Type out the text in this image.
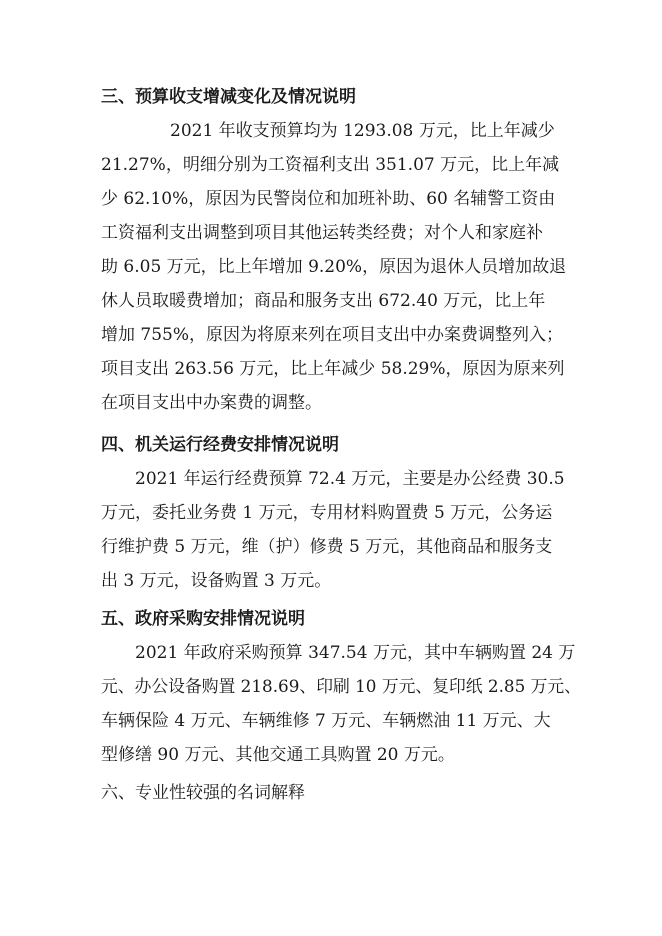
三、预算收支增减变化及情况说明
2021 年收支预算均为 1293.08 万元，比上年减少
21.27%，明细分别为工资福利支出 351.07 万元，比上年减
少 62.10%，原因为民警岗位和加班补助、60 名辅警工资由
工资福利支出调整到项目其他运转类经费；对个人和家庭补
助 6.05 万元，比上年增加 9.20%，原因为退休人员增加故退
休人员取暖费增加；商品和服务支出 672.40 万元，比上年
增加 755%，原因为将原来列在项目支出中办案费调整列入；
项目支出 263.56 万元，比上年减少 58.29%，原因为原来列
在项目支出中办案费的调整。
四、机关运行经费安排情况说明
2021 年运行经费预算 72.4 万元，主要是办公经费 30.5
万元，委托业务费 1 万元，专用材料购置费 5 万元，公务运
行维护费 5 万元，维（护）修费 5 万元，其他商品和服务支
出 3 万元，设备购置 3 万元。
五、政府采购安排情况说明
2021 年政府采购预算 347.54 万元，其中车辆购置 24 万
元、办公设备购置 218.69、印刷 10 万元、复印纸 2.85 万元、
车辆保险 4 万元、车辆维修 7 万元、车辆燃油 11 万元、大
型修缮 90 万元、其他交通工具购置 20 万元。
六、专业性较强的名词解释
